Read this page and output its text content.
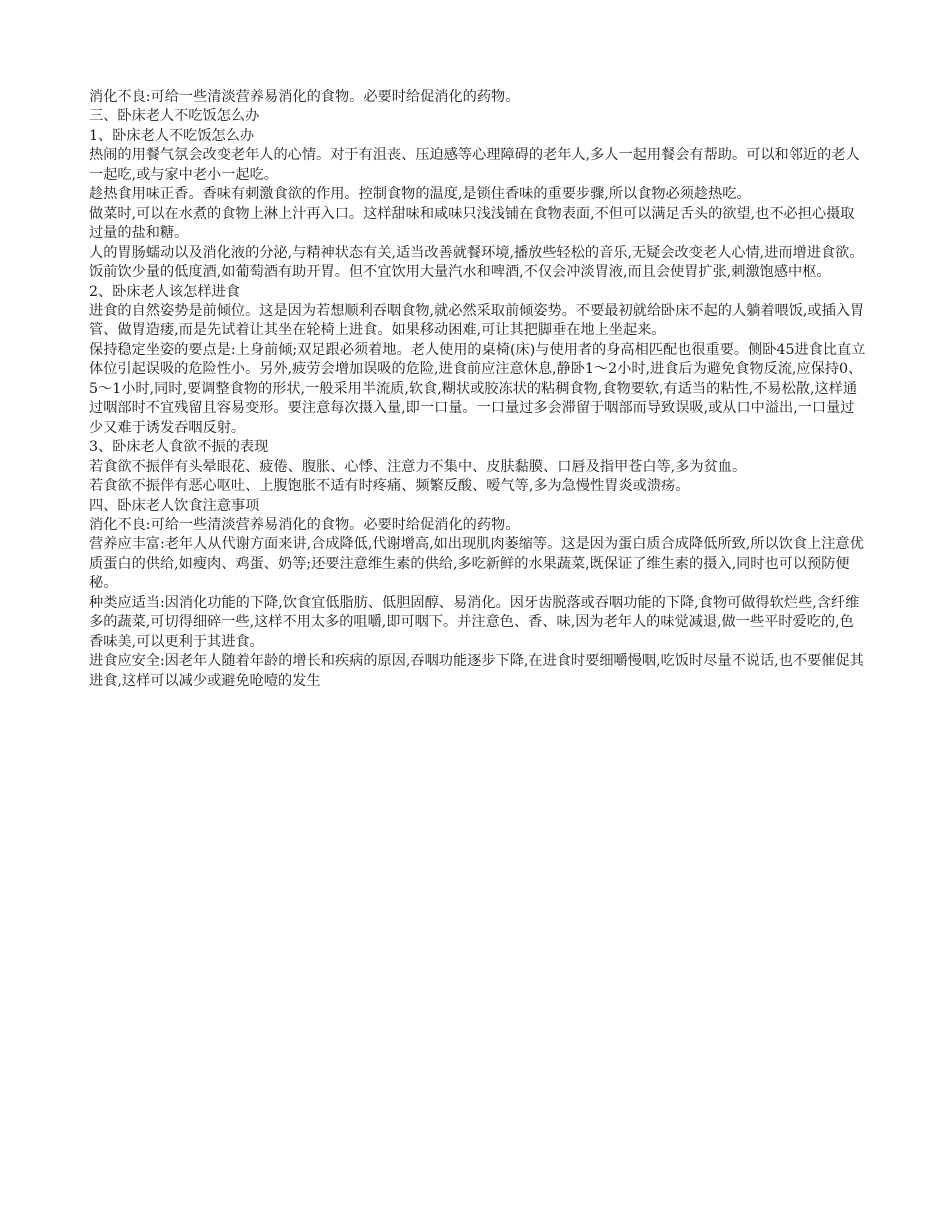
消化不良:可给一些清淡营养易消化的食物。必要时给促消化的药物。

三、卧床老人不吃饭怎么办

1、卧床老人不吃饭怎么办

热闹的用餐气氛会改变老年人的心情。对于有沮丧、压迫感等心理障碍的老年人,多人一起用餐会有帮助。可以和邻近的老人一起吃,或与家中老小一起吃。

趁热食用味正香。香味有刺激食欲的作用。控制食物的温度,是锁住香味的重要步骤,所以食物必须趁热吃。

做菜时,可以在水煮的食物上淋上汁再入口。这样甜味和咸味只浅浅铺在食物表面,不但可以满足舌头的欲望,也不必担心摄取过量的盐和糖。

人的胃肠蠕动以及消化液的分泌,与精神状态有关,适当改善就餐环境,播放些轻松的音乐,无疑会改变老人心情,进而增进食欲。

饭前饮少量的低度酒,如葡萄酒有助开胃。但不宜饮用大量汽水和啤酒,不仅会冲淡胃液,而且会使胃扩张,刺激饱感中枢。

2、卧床老人该怎样进食

进食的自然姿势是前倾位。这是因为若想顺利吞咽食物,就必然采取前倾姿势。不要最初就给卧床不起的人躺着喂饭,或插入胃管、做胃造瘘,而是先试着让其坐在轮椅上进食。如果移动困难,可让其把脚垂在地上坐起来。

保持稳定坐姿的要点是:上身前倾;双足跟必须着地。老人使用的桌椅(床)与使用者的身高相匹配也很重要。侧卧45进食比直立体位引起误吸的危险性小。另外,疲劳会增加误吸的危险,进食前应注意休息,静卧1～2小时,进食后为避免食物反流,应保持0、5～1小时,同时,要调整食物的形状,一般采用半流质,软食,糊状或胶冻状的粘稠食物,食物要软,有适当的粘性,不易松散,这样通过咽部时不宜残留且容易变形。要注意每次摄入量,即一口量。一口量过多会滞留于咽部而导致误吸,或从口中溢出,一口量过少又难于诱发吞咽反射。

3、卧床老人食欲不振的表现

若食欲不振伴有头晕眼花、疲倦、腹胀、心悸、注意力不集中、皮肤黏膜、口唇及指甲苍白等,多为贫血。

若食欲不振伴有恶心呕吐、上腹饱胀不适有时疼痛、频繁反酸、嗳气等,多为急慢性胃炎或溃疡。

四、卧床老人饮食注意事项

消化不良:可给一些清淡营养易消化的食物。必要时给促消化的药物。

营养应丰富:老年人从代谢方面来讲,合成降低,代谢增高,如出现肌肉萎缩等。这是因为蛋白质合成降低所致,所以饮食上注意优质蛋白的供给,如瘦肉、鸡蛋、奶等;还要注意维生素的供给,多吃新鲜的水果蔬菜,既保证了维生素的摄入,同时也可以预防便秘。

种类应适当:因消化功能的下降,饮食宜低脂肪、低胆固醇、易消化。因牙齿脱落或吞咽功能的下降,食物可做得软烂些,含纤维多的蔬菜,可切得细碎一些,这样不用太多的咀嚼,即可咽下。并注意色、香、味,因为老年人的味觉减退,做一些平时爱吃的,色香味美,可以更利于其进食。

进食应安全:因老年人随着年龄的增长和疾病的原因,吞咽功能逐步下降,在进食时要细嚼慢咽,吃饭时尽量不说话,也不要催促其进食,这样可以减少或避免呛噎的发生
